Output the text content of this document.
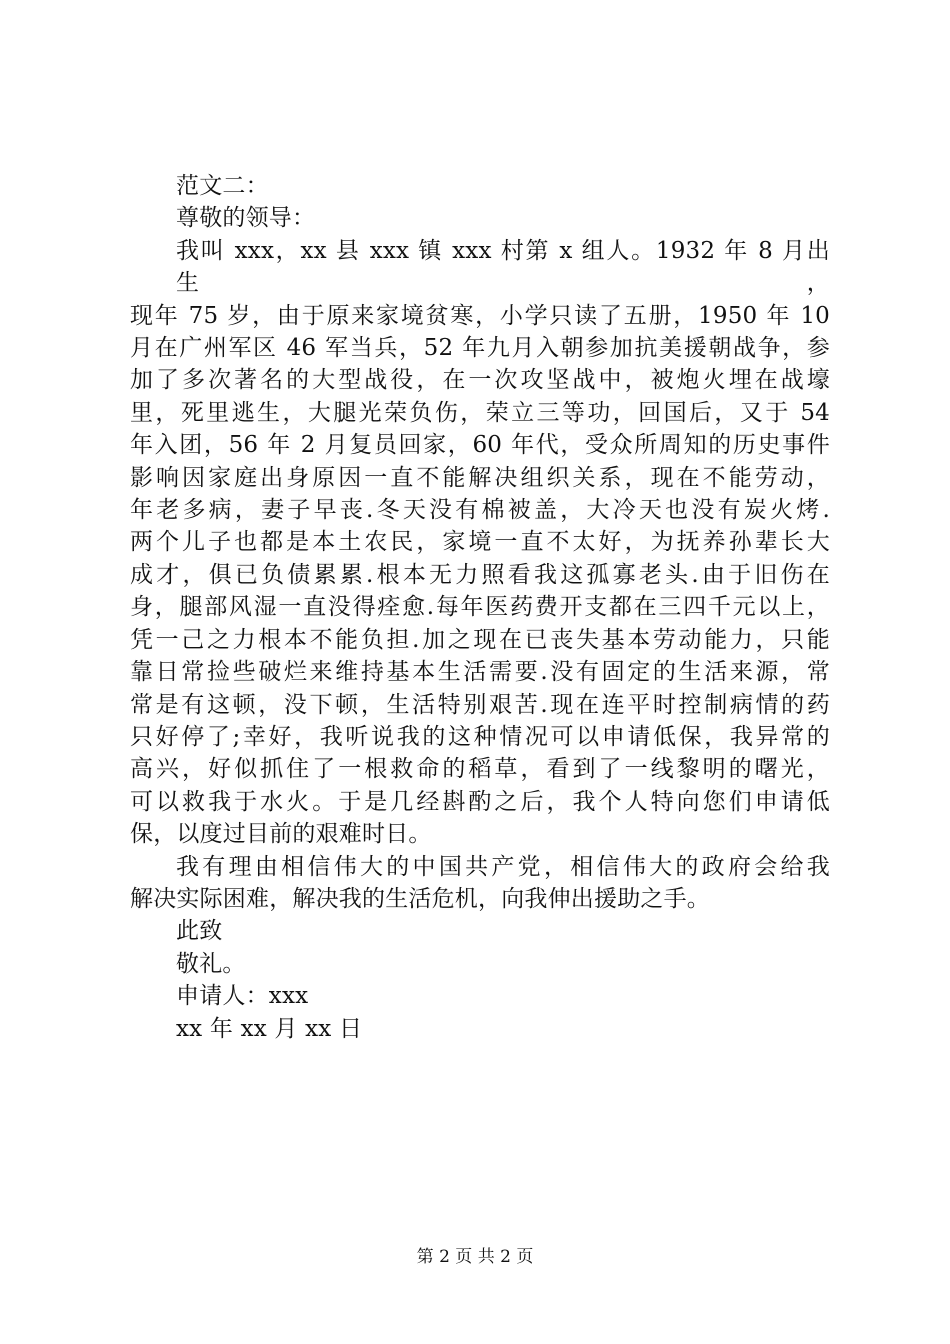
范文二：
尊敬的领导：
我叫 xxx，xx 县 xxx 镇 xxx 村第 x 组人。1932 年 8 月出生，
现年 75 岁，由于原来家境贫寒，小学只读了五册，1950 年 10
月在广州军区 46 军当兵，52 年九月入朝参加抗美援朝战争，参
加了多次著名的大型战役，在一次攻坚战中，被炮火埋在战壕
里，死里逃生，大腿光荣负伤，荣立三等功，回国后，又于 54
年入团，56 年 2 月复员回家，60 年代，受众所周知的历史事件
影响因家庭出身原因一直不能解决组织关系，现在不能劳动，
年老多病，妻子早丧.冬天没有棉被盖，大冷天也没有炭火烤.
两个儿子也都是本土农民，家境一直不太好，为抚养孙辈长大
成才，俱已负债累累.根本无力照看我这孤寡老头.由于旧伤在
身，腿部风湿一直没得痊愈.每年医药费开支都在三四千元以上，
凭一己之力根本不能负担.加之现在已丧失基本劳动能力，只能
靠日常捡些破烂来维持基本生活需要.没有固定的生活来源，常
常是有这顿，没下顿，生活特别艰苦.现在连平时控制病情的药
只好停了;幸好，我听说我的这种情况可以申请低保，我异常的
高兴，好似抓住了一根救命的稻草，看到了一线黎明的曙光，
可以救我于水火。于是几经斟酌之后，我个人特向您们申请低
保，以度过目前的艰难时日。
我有理由相信伟大的中国共产党，相信伟大的政府会给我
解决实际困难，解决我的生活危机，向我伸出援助之手。
此致
敬礼。
申请人：xxx
xx 年 xx 月 xx 日
第 2 页 共 2 页
